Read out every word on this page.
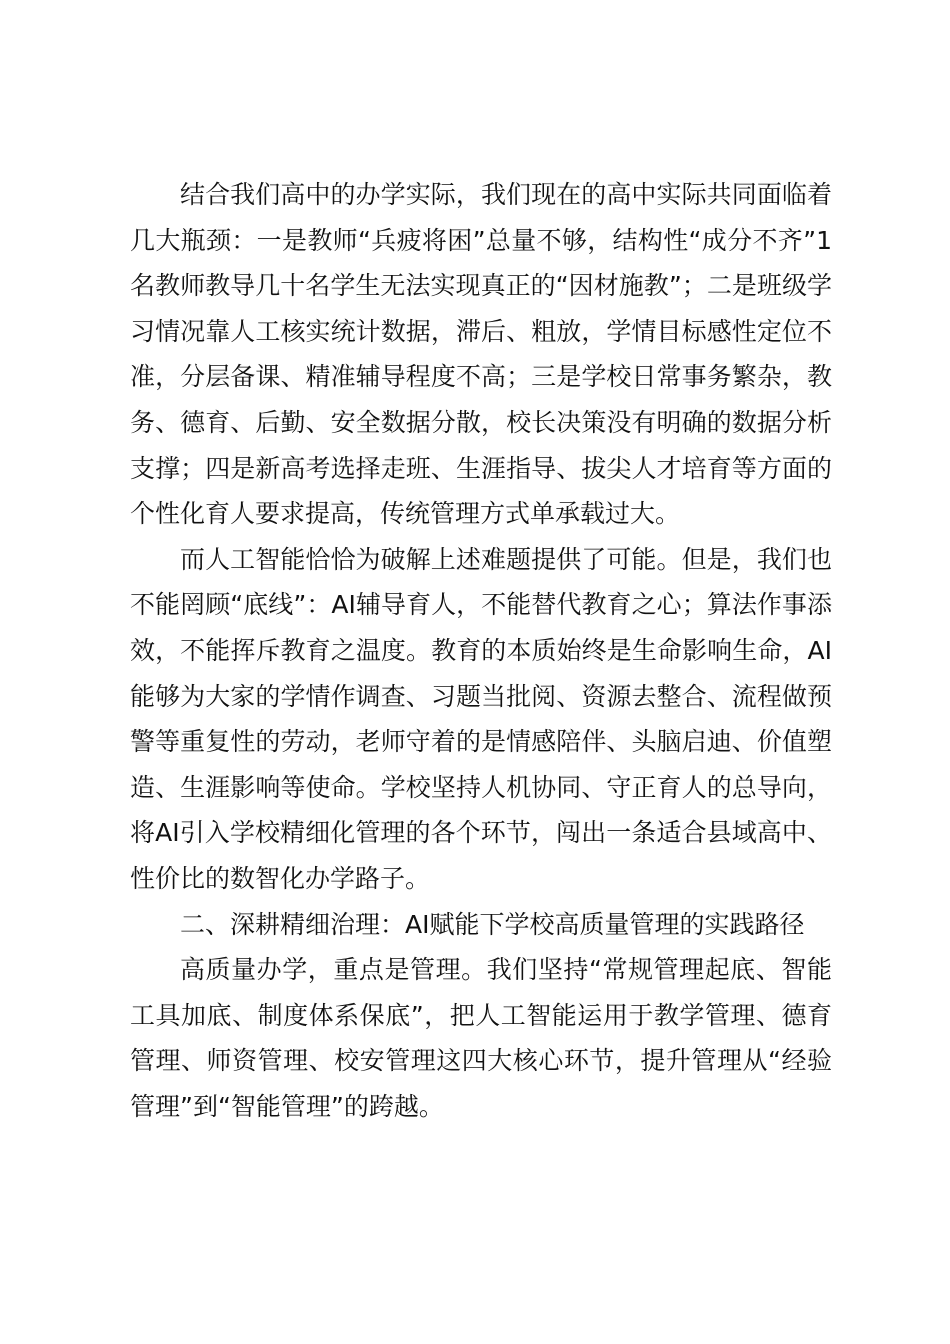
结合我们高中的办学实际，我们现在的高中实际共同面临着几大瓶颈：一是教师“兵疲将困”总量不够，结构性“成分不齐”1名教师教导几十名学生无法实现真正的“因材施教”；二是班级学习情况靠人工核实统计数据，滞后、粗放，学情目标感性定位不准，分层备课、精准辅导程度不高；三是学校日常事务繁杂，教务、德育、后勤、安全数据分散，校长决策没有明确的数据分析支撑；四是新高考选择走班、生涯指导、拔尖人才培育等方面的个性化育人要求提高，传统管理方式单承载过大。

而人工智能恰恰为破解上述难题提供了可能。但是，我们也不能罔顾“底线”：AI辅导育人，不能替代教育之心；算法作事添效，不能挥斥教育之温度。教育的本质始终是生命影响生命，AI能够为大家的学情作调查、习题当批阅、资源去整合、流程做预警等重复性的劳动，老师守着的是情感陪伴、头脑启迪、价值塑造、生涯影响等使命。学校坚持人机协同、守正育人的总导向，将AI引入学校精细化管理的各个环节，闯出一条适合县域高中、性价比的数智化办学路子。

二、深耕精细治理：AI赋能下学校高质量管理的实践路径

高质量办学，重点是管理。我们坚持“常规管理起底、智能工具加底、制度体系保底”，把人工智能运用于教学管理、德育管理、师资管理、校安管理这四大核心环节，提升管理从“经验管理”到“智能管理”的跨越。
